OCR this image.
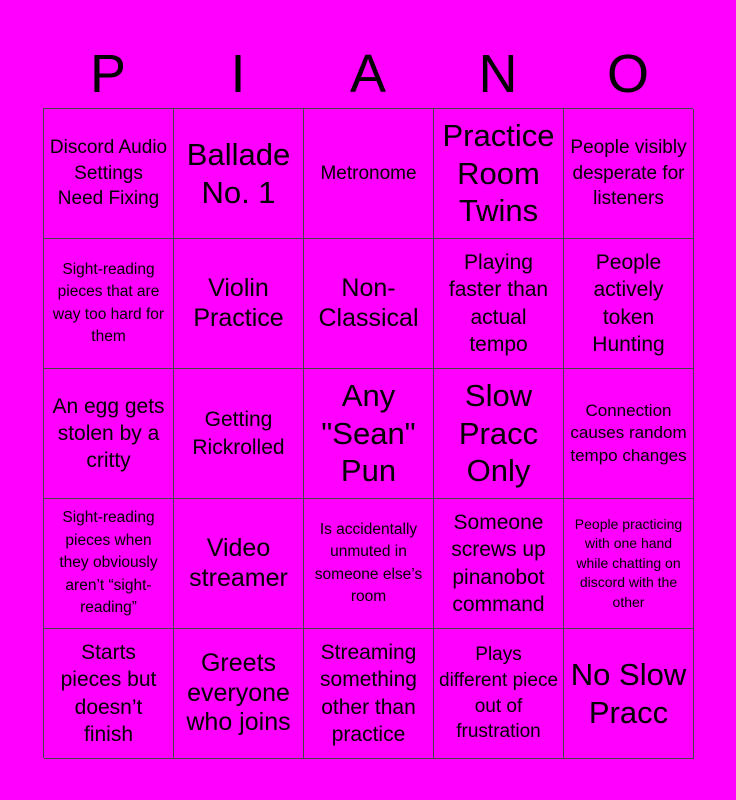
P	I	A	N	O
Discord Audio Settings Need Fixing
Ballade No. 1
Metronome
Practice Room Twins
People visibly desperate for listeners
Sight-reading pieces that are way too hard for them
Violin Practice
Non-Classical
Playing faster than actual tempo
People actively token Hunting
An egg gets stolen by a critty
Getting Rickrolled
Any "Sean" Pun
Slow Pracc Only
Connection causes random tempo changes
Sight-reading pieces when they obviously aren’t “sight-reading”
Video streamer
Is accidentally unmuted in someone else’s room
Someone screws up pinanobot command
People practicing with one hand while chatting on discord with the other
Starts pieces but doesn’t finish
Greets everyone who joins
Streaming something other than practice
Plays different piece out of frustration
No Slow Pracc
